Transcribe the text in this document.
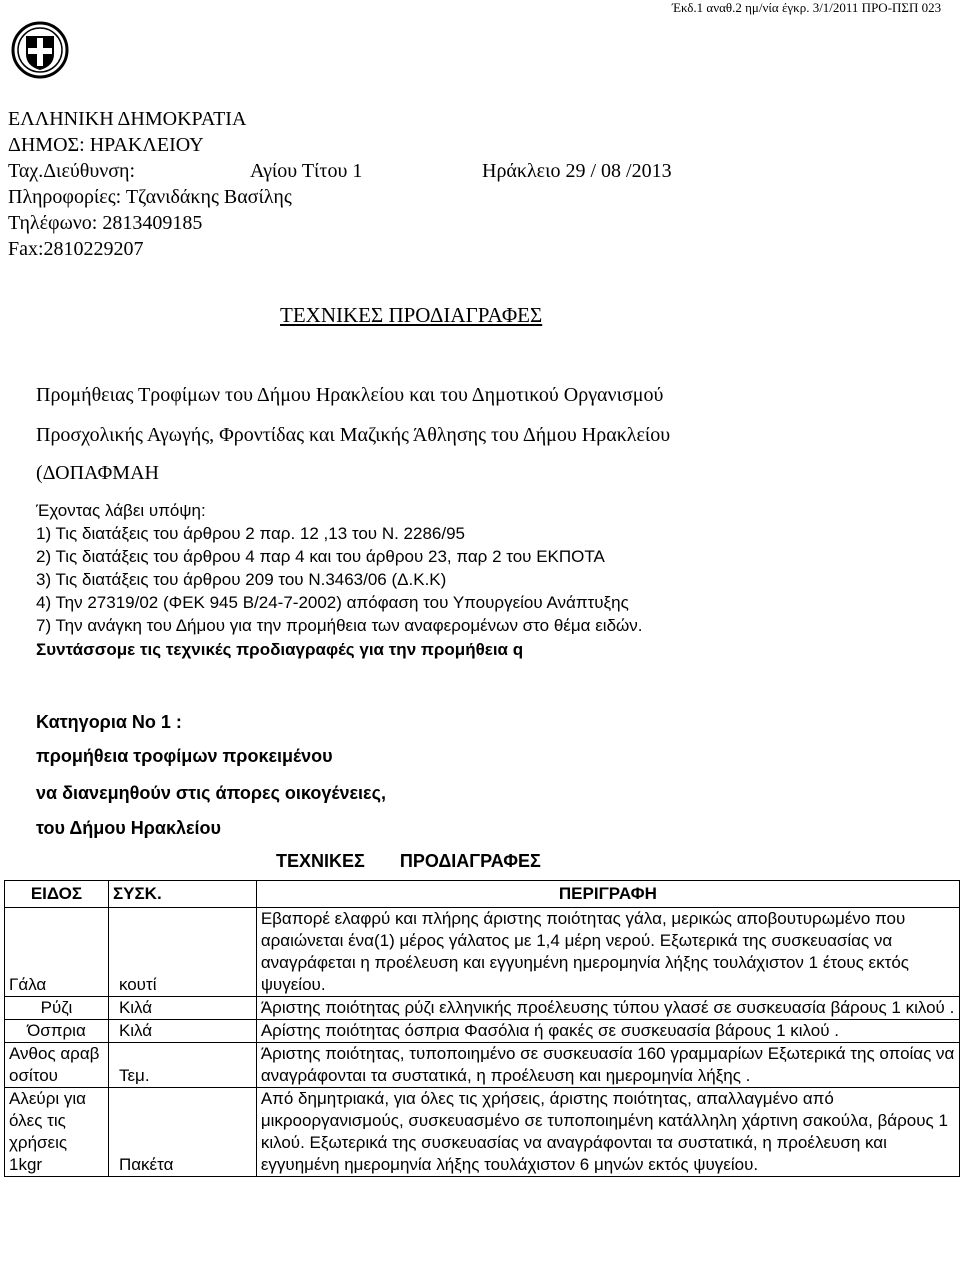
Έκδ.1 αναθ.2 ημ/νία έγκρ. 3/1/2011 ΠΡΟ-ΠΣΠ 023
ΕΛΛΗΝΙΚΗ ΔΗΜΟΚΡΑΤΙΑ
ΔΗΜΟΣ: ΗΡΑΚΛΕΙΟΥ
Ταχ.Διεύθυνση:	Αγίου Τίτου 1	Ηράκλειο 29 / 08 /2013
Πληροφορίες: Τζανιδάκης Βασίλης
Τηλέφωνο: 2813409185
Fax:2810229207
ΤΕΧΝΙΚΕΣ ΠΡΟΔΙΑΓΡΑΦΕΣ
Προμήθειας Τροφίμων του Δήμου Ηρακλείου και του Δημοτικού Οργανισμού
Προσχολικής Αγωγής, Φροντίδας και Μαζικής Άθλησης του Δήμου Ηρακλείου
(ΔΟΠΑΦΜΑΗ
Έχοντας λάβει υπόψη:
1) Τις διατάξεις του άρθρου 2 παρ. 12 ,13 του Ν. 2286/95
2) Τις διατάξεις του άρθρου 4 παρ 4 και του άρθρου 23, παρ 2 του ΕΚΠΟΤΑ
3) Τις διατάξεις του άρθρου 209 του Ν.3463/06 (Δ.Κ.Κ)
4) Την 27319/02 (ΦΕΚ 945 Β/24-7-2002) απόφαση του Υπουργείου Ανάπτυξης
7) Την ανάγκη του Δήμου για την προμήθεια των αναφερομένων στο θέμα ειδών.
Συντάσσομε τις τεχνικές προδιαγραφές για την προμήθεια q
Κατηγορια Νο 1 :
προμήθεια τροφίμων προκειμένου
να διανεμηθούν στις άπορες οικογένειες,
του Δήμου Ηρακλείου
ΤΕΧΝΙΚΕΣ ΠΡΟΔΙΑΓΡΑΦΕΣ
ΕΙΔΟΣ	ΣΥΣΚ.	ΠΕΡΙΓΡΑΦΗ
Γάλα	κουτί	Εβαπορέ ελαφρύ και πλήρης άριστης ποιότητας γάλα, μερικώς αποβουτυρωμένο που αραιώνεται ένα(1) μέρος γάλατος με 1,4 μέρη νερού. Εξωτερικά της συσκευασίας να αναγράφεται η προέλευση και εγγυημένη ημερομηνία λήξης τουλάχιστον 1 έτους εκτός ψυγείου.
Ρύζι	Κιλά	Άριστης ποιότητας ρύζι ελληνικής προέλευσης τύπου γλασέ σε συσκευασία βάρους 1 κιλού .
Όσπρια	Κιλά	Αρίστης ποιότητας όσπρια Φασόλια ή φακές σε συσκευασία βάρους 1 κιλού .
Ανθος αραβοσίτου	Τεμ.	Άριστης ποιότητας, τυποποιημένο σε συσκευασία 160 γραμμαρίων Εξωτερικά της οποίας να αναγράφονται τα συστατικά, η προέλευση και ημερομηνία λήξης .
Αλεύρι για όλες τις χρήσεις 1kgr	Πακέτα	Από δημητριακά, για όλες τις χρήσεις, άριστης ποιότητας, απαλλαγμένο από μικροοργανισμούς, συσκευασμένο σε τυποποιημένη κατάλληλη χάρτινη σακούλα, βάρους 1 κιλού. Εξωτερικά της συσκευασίας να αναγράφονται τα συστατικά, η προέλευση και εγγυημένη ημερομηνία λήξης τουλάχιστον 6 μηνών εκτός ψυγείου.
